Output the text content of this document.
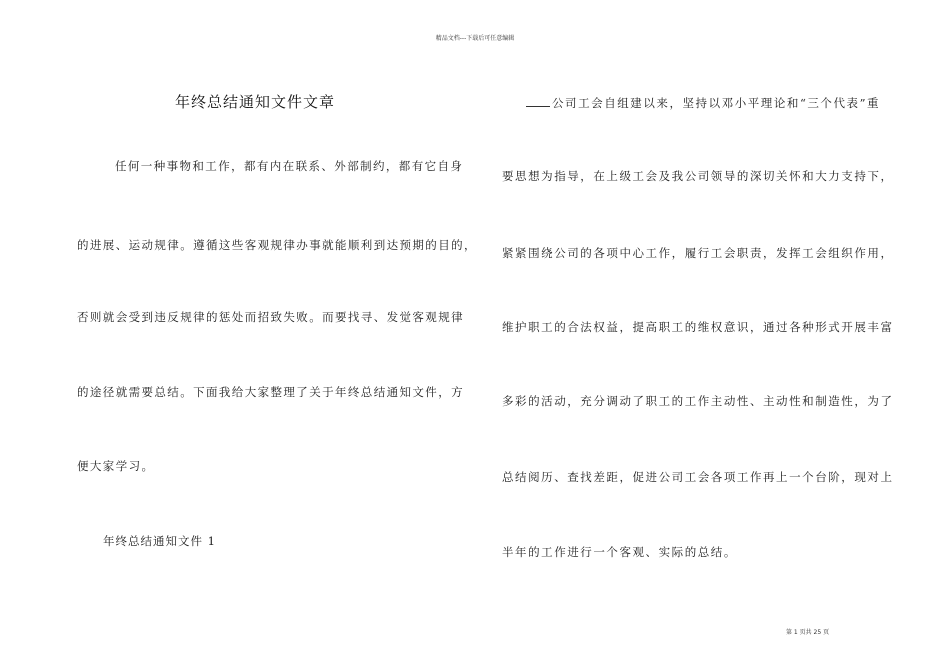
精品文档---下载后可任意编辑
年终总结通知文件文章
任何一种事物和工作，都有内在联系、外部制约，都有它自身
的进展、运动规律。遵循这些客观规律办事就能顺利到达预期的目的，
否则就会受到违反规律的惩处而招致失败。而要找寻、发觉客观规律
的途径就需要总结。下面我给大家整理了关于年终总结通知文件，方
便大家学习。
年终总结通知文件 1
公司工会自组建以来，坚持以邓小平理论和“三个代表”重
要思想为指导，在上级工会及我公司领导的深切关怀和大力支持下，
紧紧围绕公司的各项中心工作，履行工会职责，发挥工会组织作用，
维护职工的合法权益，提高职工的维权意识，通过各种形式开展丰富
多彩的活动，充分调动了职工的工作主动性、主动性和制造性，为了
总结阅历、查找差距，促进公司工会各项工作再上一个台阶，现对上
半年的工作进行一个客观、实际的总结。
第 1 页共 25 页
